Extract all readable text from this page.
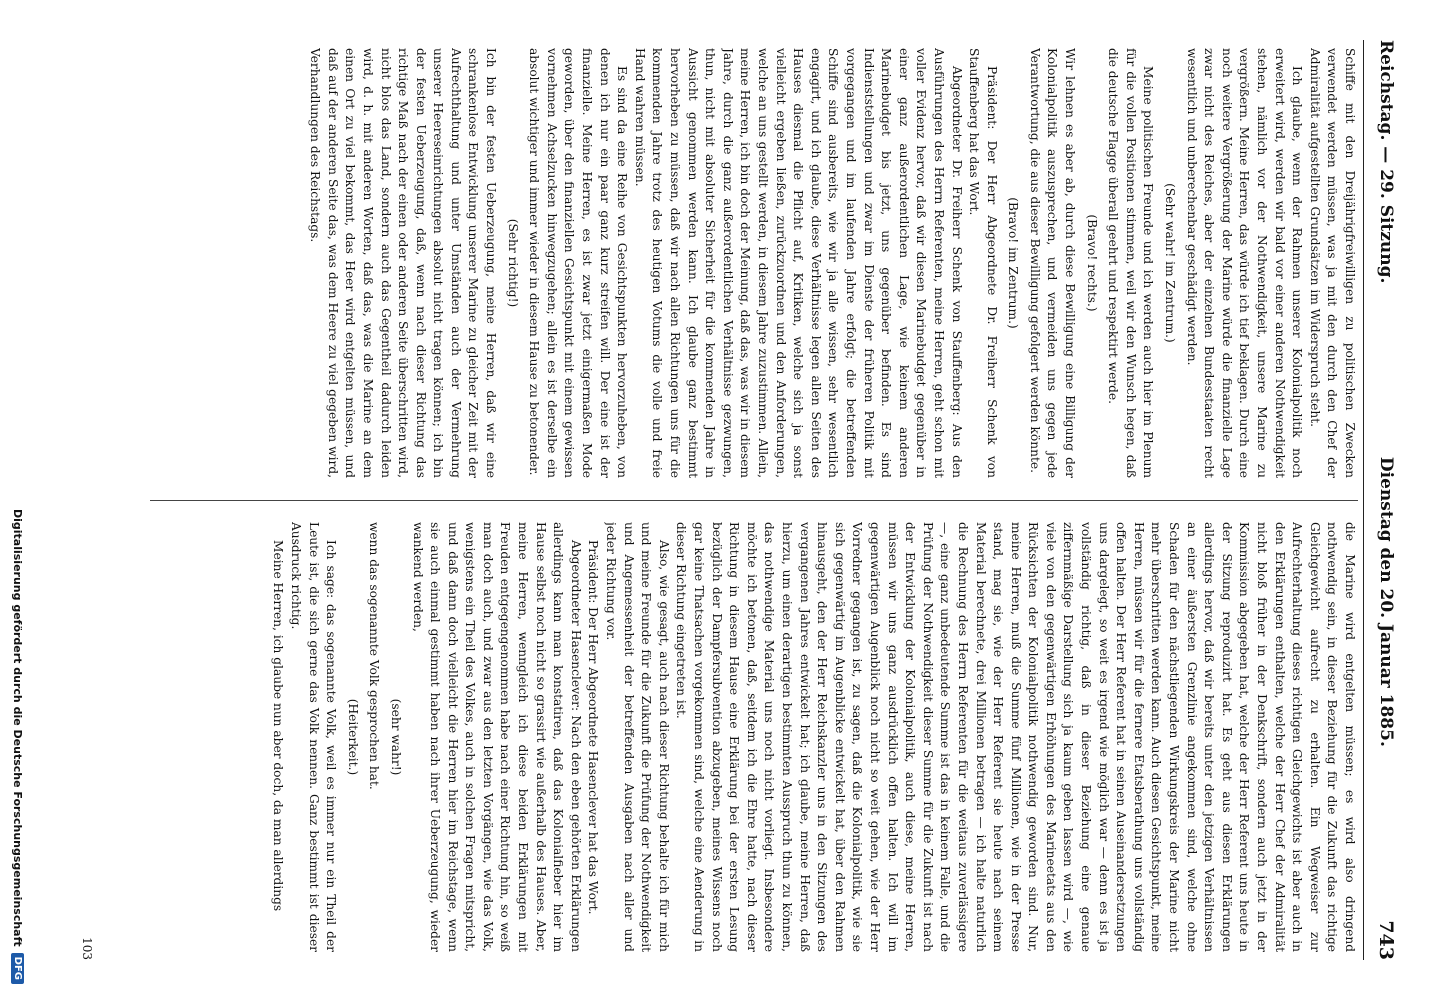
Reichstag. — 29. Sitzung.
Dienstag den 20. Januar 1885.
743

Schiffe mit den Dreijährigfreiwilligen zu politischen Zwecken verwendet werden müssen, was ja mit den durch den Chef der Admiralität aufgestellten Grundsätzen im Widerspruch steht.

Ich glaube, wenn der Rahmen unserer Kolonialpolitik noch erweitert wird, werden wir bald vor einer anderen Nothwendigkeit stehen, nämlich vor der Nothwendigkeit, unsere Marine zu vergrößern. Meine Herren, das würde ich tief beklagen. Durch eine noch weitere Vergrößerung der Marine würde die finanzielle Lage zwar nicht des Reiches, aber der einzelnen Bundesstaaten recht wesentlich und unberechenbar geschädigt werden.

(Sehr wahr! im Zentrum.)

Meine politischen Freunde und ich werden auch hier im Plenum für die vollen Positionen stimmen, weil wir den Wunsch hegen, daß die deutsche Flagge überall geehrt und respektirt werde.

(Bravo! rechts.)

Wir lehnen es aber ab, durch diese Bewilligung eine Billigung der Kolonialpolitik auszusprechen, und vermeiden uns gegen jede Verantwortung, die aus dieser Bewilligung gefolgert werden könnte.

(Bravo! im Zentrum.)

Präsident: Der Herr Abgeordnete Dr. Freiherr Schenk von Stauffenberg hat das Wort.

Abgeordneter Dr. Freiherr Schenk von Stauffenberg: Aus den Ausführungen des Herrn Referenten, meine Herren, geht schon mit voller Evidenz hervor, daß wir diesen Marinebudget gegenüber in einer ganz außerordentlichen Lage, wie keinem anderen Marinebudget bis jetzt, uns gegenüber befinden. Es sind Indienststellungen und zwar im Dienste der früheren Politik mit vorgegangen und im laufenden Jahre erfolgt; die betreffenden Schiffe sind ausbereits, wie wir ja alle wissen, sehr wesentlich engagirt, und ich glaube, diese Verhältnisse legen allen Seiten des Hauses diesmal die Pflicht auf, Kritiken, welche sich ja sonst vielleicht ergeben ließen, zurückzuordnen und den Anforderungen, welche an uns gestellt werden, in diesem Jahre zuzustimmen. Allein, meine Herren, ich bin doch der Meinung, daß das, was wir in diesem Jahre, durch die ganz außerordentlichen Verhältnisse gezwungen, thun, nicht mit absoluter Sicherheit für die kommenden Jahre in Aussicht genommen werden kann. Ich glaube ganz bestimmt hervorheben zu müssen, daß wir nach allen Richtungen uns für die kommenden Jahre trotz des heutigen Votums die volle und freie Hand wahren müssen.

Es sind da eine Reihe von Gesichtspunkten hervorzuheben, von denen ich nur ein paar ganz kurz streifen will. Der eine ist der finanzielle. Meine Herren, es ist zwar jetzt einigermaßen Mode geworden, über den finanziellen Gesichtspunkt mit einem gewissen vornehmen Achselzucken hinwegzugehen; allein es ist derselbe ein absolut wichtiger und immer wieder in diesem Hause zu betonender.

(Sehr richtig!)

Ich bin der festen Ueberzeugung, meine Herren, daß wir eine schrankenlose Entwicklung unserer Marine zu gleicher Zeit mit der Aufrechthaltung und unter Umständen auch der Vermehrung unserer Heereseinrichtungen absolut nicht tragen können; ich bin der festen Ueberzeugung, daß, wenn nach dieser Richtung das richtige Maß nach der einen oder anderen Seite überschritten wird, nicht blos das Land, sondern auch das Gegentheil dadurch leiden wird, d. h. mit anderen Worten, daß das, was die Marine an dem einen Ort zu viel bekommt, das Heer wird entgelten müssen, und daß auf der anderen Seite das, was dem Heere zu viel gegeben wird, Verhandlungen des Reichstags.

die Marine wird entgelten müssen; es wird also dringend nothwendig sein, in dieser Beziehung für die Zukunft das richtige Gleichgewicht aufrecht zu erhalten. Ein Wegweiser zur Aufrechterhaltung dieses richtigen Gleichgewichts ist aber auch in den Erklärungen enthalten, welche der Herr Chef der Admiralität nicht bloß früher in der Denkschrift, sondern auch jetzt in der Kommission abgegeben hat, welche der Herr Referent uns heute in der Sitzung reproduzirt hat. Es geht aus diesen Erklärungen allerdings hervor, daß wir bereits unter den jetzigen Verhältnissen an einer äußersten Grenzlinie angekommen sind, welche ohne Schaden für den nächstliegenden Wirkungskreis der Marine nicht mehr überschritten werden kann. Auch diesen Gesichtspunkt, meine Herren, müssen wir für die fernere Etatsberathung uns vollständig offen halten. Der Herr Referent hat in seinen Auseinandersetzungen uns dargelegt, so weit es irgend wie möglich war — denn es ist ja vollständig richtig, daß in dieser Beziehung eine genaue ziffernmäßige Darstellung sich ja kaum geben lassen wird —, wie viele von den gegenwärtigen Erhöhungen des Marineetats aus den Rücksichten der Kolonialpolitik nothwendig geworden sind. Nur, meine Herren, muß die Summe fünf Millionen, wie in der Presse stand, mag sie, wie der Herr Referent sie heute nach seinem Material berechnete, drei Millionen betragen — ich halte naturlich die Rechnung des Herrn Referenten für die weitaus zuverlässigere —, eine ganz unbedeutende Summe ist das in keinem Falle, und die Prüfung der Nothwendigkeit dieser Summe für die Zukunft ist nach der Entwicklung der Kolonialpolitik, auch diese, meine Herren, müssen wir uns ganz ausdrücklich offen halten. Ich will im gegenwärtigen Augenblick noch nicht so weit gehen, wie der Herr Vorredner gegangen ist, zu sagen, daß die Kolonialpolitik, wie sie sich gegenwärtig im Augenblicke entwickelt hat, über den Rahmen hinausgeht, den der Herr Reichskanzler uns in den Sitzungen des vergangenen Jahres entwickelt hat; ich glaube, meine Herren, daß hierzu, um einen derartigen bestimmten Ausspruch thun zu können, das nothwendige Material uns noch nicht vorliegt. Insbesondere möchte ich betonen, daß, seitdem ich die Ehre hatte, nach dieser Richtung in diesem Hause eine Erklärung bei der ersten Lesung bezüglich der Dampfersubvention abzugeben, meines Wissens noch gar keine Thatsachen vorgekommen sind, welche eine Aenderung in dieser Richtung eingetreten ist.

Also, wie gesagt, auch nach dieser Richtung behalte ich für mich und meine Freunde für die Zukunft die Prüfung der Nothwendigkeit und Angemessenheit der betreffenden Ausgaben nach aller und jeder Richtung vor.

Präsident: Der Herr Abgeordnete Hasenclever hat das Wort.

Abgeordneter Hasenclever: Nach den eben gehörten Erklärungen allerdings kann man konstatiren, daß das Kolonialfieber hier im Hause selbst noch nicht so grassirt wie außerhalb des Hauses. Aber, meine Herren, wenngleich ich diese beiden Erklärungen mit Freuden entgegengenommen habe nach einer Richtung hin, so weiß man doch auch, und zwar aus den letzten Vorgängen, wie das Volk, wenigstens ein Theil des Volkes, auch in solchen Fragen mitspricht, und daß dann doch vielleicht die Herren hier im Reichstage, wenn sie auch einmal gestimmt haben nach ihrer Ueberzeugung, wieder wankend werden,

(sehr wahr!)

wenn das sogenannte Volk gesprochen hat.

(Heiterkeit.)

Ich sage: das sogenannte Volk, weil es immer nur ein Theil der Leute ist, die sich gerne das Volk nennen. Ganz bestimmt ist dieser Ausdruck richtig.

Meine Herren, ich glaube nun aber doch, da man allerdings

103
Digitalisierung gefördert durch die Deutsche Forschungsgemeinschaft
DFG
